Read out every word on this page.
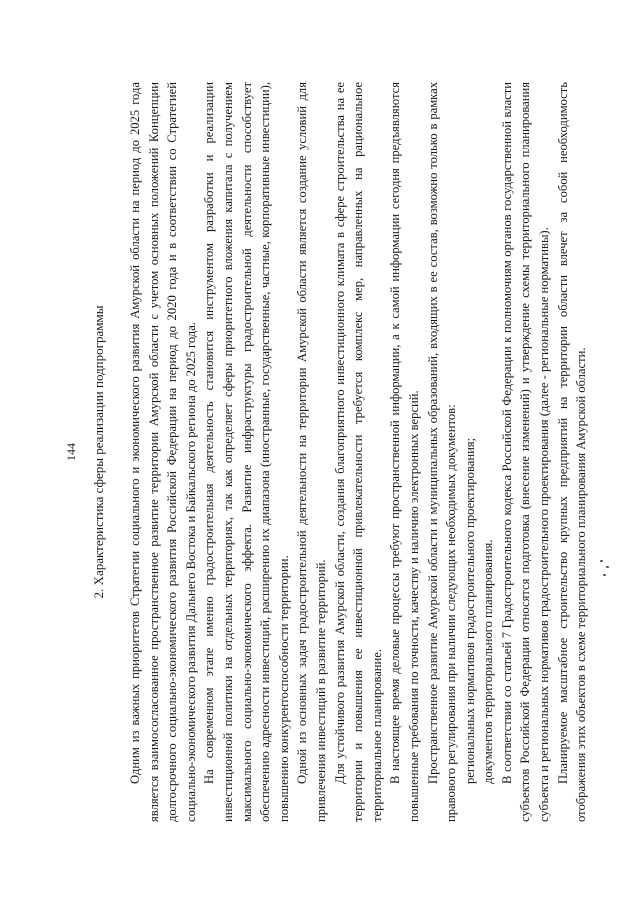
144	2. Характеристика сферы реализации подпрограммы	Одним из важных приоритетов Стратегии социального и экономического развития Амурской области на период до 2025 года является взаимосогласованное пространственное развитие территории Амурской области с учетом основных положений Концепции долгосрочного социально-экономического развития Российской Федерации на период до 2020 года и в соответствии со Стратегией социально-экономического развития Дальнего Востока и Байкальского региона до 2025 года. На современном этапе именно градостроительная деятельность становится инструментом разработки и реализации инвестиционной политики на отдельных территориях, так как определяет сферы приоритетного вложения капитала с получением максимального социально-экономического эффекта. Развитие инфраструктуры градостроительной деятельности способствует обеспечению адресности инвестиций, расширению их диапазона (иностранные, государственные, частные, корпоративные инвестиции), повышению конкурентоспособности территории. Одной из основных задач градостроительной деятельности на территории Амурской области является создание условий для привлечения инвестиций в развитие территорий. Для устойчивого развития Амурской области, создания благоприятного инвестиционного климата в сфере строительства на ее территории и повышения ее инвестиционной привлекательности требуется комплекс мер, направленных на рациональное территориальное планирование. В настоящее время деловые процессы требуют пространственной информации, а к самой информации сегодня предъявляются повышенные требования по точности, качеству и наличию электронных версий. Пространственное развитие Амурской области и муниципальных образований, входящих в ее состав, возможно только в рамках правового регулирования при наличии следующих необходимых документов: региональных нормативов градостроительного проектирования; документов территориального планирования. В соответствии со статьей 7 Градостроительного кодекса Российской Федерации к полномочиям органов государственной власти субъектов Российской Федерации относятся подготовка (внесение изменений) и утверждение схемы территориального планирования субъекта и региональных нормативов градостроительного проектирования (далее - региональные нормативы). Планируемое масштабное строительство крупных предприятий на территории области влечет за собой необходимость отображения этих объектов в схеме территориального планирования Амурской области.
